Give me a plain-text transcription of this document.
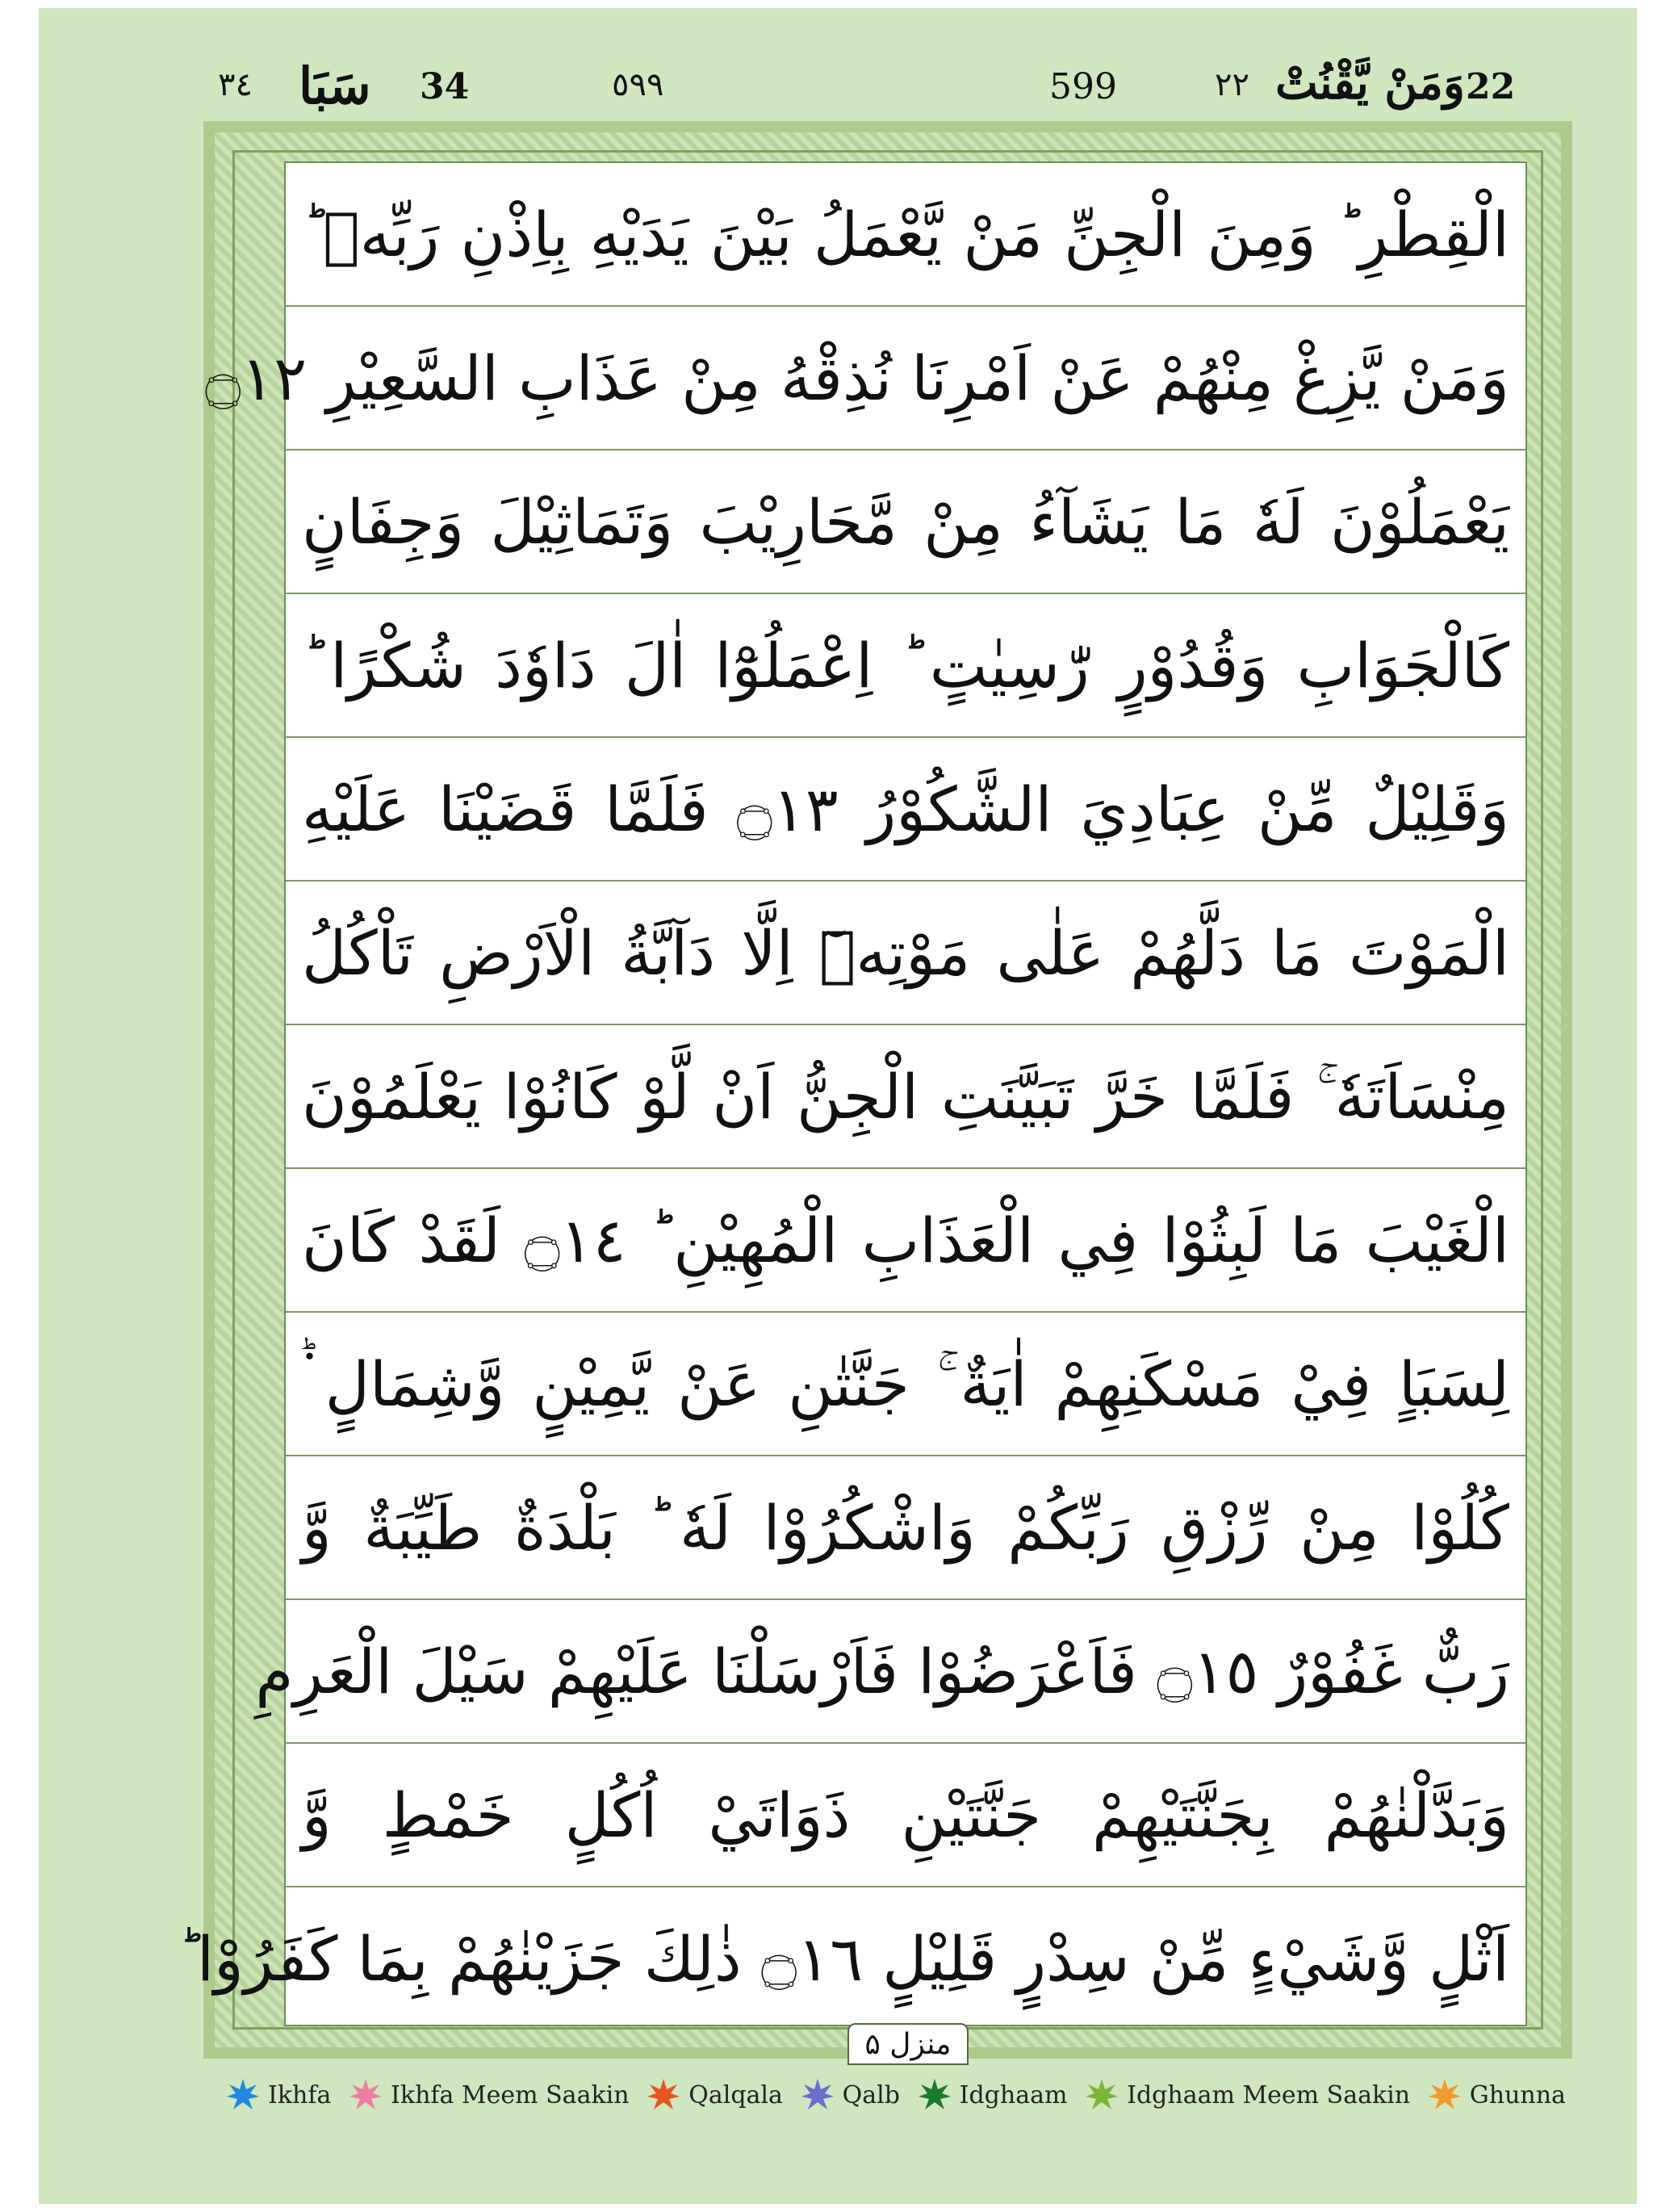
٣٤ سَبَا 34	٥٩٩	599	٢٢ وَمَنْ يَّقْنُتْ 22
الْقِطْرِ ؕ وَمِنَ الْجِنِّ مَنْ يَّعْمَلُ بَيْنَ يَدَيْهِ بِاِذْنِ رَبِّهٖ ؕ
وَمَنْ يَّزِغْ مِنْهُمْ عَنْ اَمْرِنَا نُذِقْهُ مِنْ عَذَابِ السَّعِيْرِ ۝١٢
يَعْمَلُوْنَ لَهٗ مَا يَشَآءُ مِنْ مَّحَارِيْبَ وَتَمَاثِيْلَ وَجِفَانٍ
كَالْجَوَابِ وَقُدُوْرٍ رّٰسِيٰتٍ ؕ اِعْمَلُوْٓا اٰلَ دَاوٗدَ شُكْرًا ؕ
وَقَلِيْلٌ مِّنْ عِبَادِيَ الشَّكُوْرُ ۝١٣ فَلَمَّا قَضَيْنَا عَلَيْهِ
الْمَوْتَ مَا دَلَّهُمْ عَلٰى مَوْتِهٖٓ اِلَّا دَآبَّةُ الْاَرْضِ تَاْكُلُ
مِنْسَاَتَهٗ ۚ فَلَمَّا خَرَّ تَبَيَّنَتِ الْجِنُّ اَنْ لَّوْ كَانُوْا يَعْلَمُوْنَ
الْغَيْبَ مَا لَبِثُوْا فِي الْعَذَابِ الْمُهِيْنِ ؕ ۝١٤ لَقَدْ كَانَ
لِسَبَاٍ فِيْ مَسْكَنِهِمْ اٰيَةٌ ۚ جَنَّتٰنِ عَنْ يَّمِيْنٍ وَّشِمَالٍ ۬ؕ
كُلُوْا مِنْ رِّزْقِ رَبِّكُمْ وَاشْكُرُوْا لَهٗ ؕ بَلْدَةٌ طَيِّبَةٌ وَّ
رَبٌّ غَفُوْرٌ ۝١٥ فَاَعْرَضُوْا فَاَرْسَلْنَا عَلَيْهِمْ سَيْلَ الْعَرِمِ
وَبَدَّلْنٰهُمْ بِجَنَّتَيْهِمْ جَنَّتَيْنِ ذَوَاتَيْ اُكُلٍ خَمْطٍ وَّ
اَثْلٍ وَّشَيْءٍ مِّنْ سِدْرٍ قَلِيْلٍ ۝١٦ ذٰلِكَ جَزَيْنٰهُمْ بِمَا كَفَرُوْا ؕ
منزل ۵
Ikhfa Ikhfa Meem Saakin Qalqala Qalb Idghaam Idghaam Meem Saakin Ghunna
